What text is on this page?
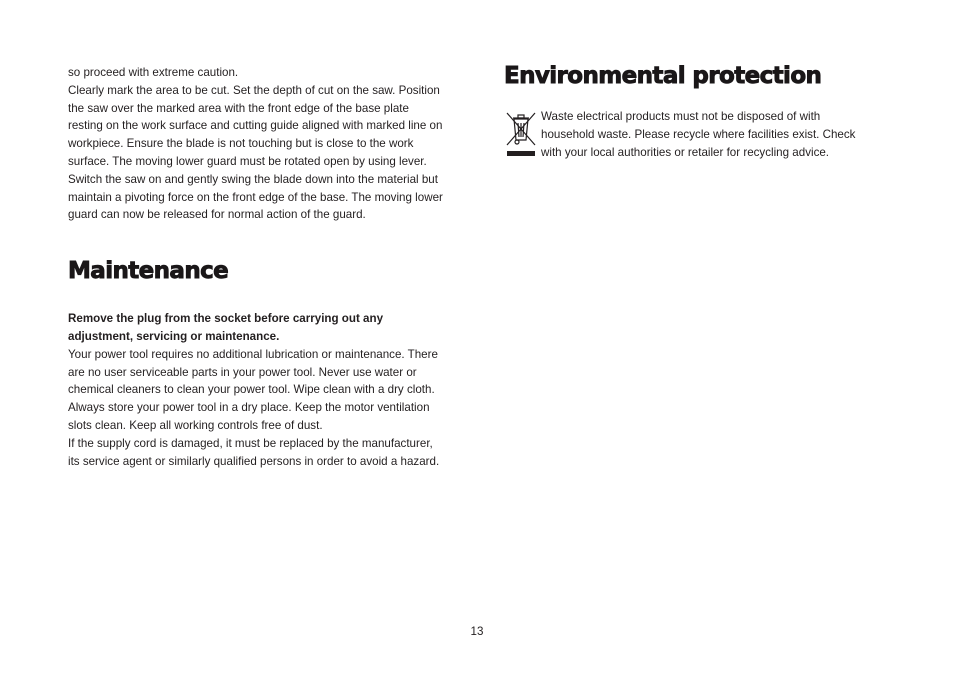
so proceed with extreme caution.

Clearly mark the area to be cut. Set the depth of cut on the saw. Position the saw over the marked area with the front edge of the base plate resting on the work surface and cutting guide aligned with marked line on workpiece. Ensure the blade is not touching but is close to the work surface. The moving lower guard must be rotated open by using lever. Switch the saw on and gently swing the blade down into the material but maintain a pivoting force on the front edge of the base. The moving lower guard can now be released for normal action of the guard.

Maintenance

Remove the plug from the socket before carrying out any adjustment, servicing or maintenance.

Your power tool requires no additional lubrication or maintenance. There are no user serviceable parts in your power tool. Never use water or chemical cleaners to clean your power tool. Wipe clean with a dry cloth. Always store your power tool in a dry place. Keep the motor ventilation slots clean. Keep all working controls free of dust.

If the supply cord is damaged, it must be replaced by the manufacturer, its service agent or similarly qualified persons in order to avoid a hazard.

Environmental protection

Waste electrical products must not be disposed of with household waste. Please recycle where facilities exist. Check with your local authorities or retailer for recycling advice.

13
